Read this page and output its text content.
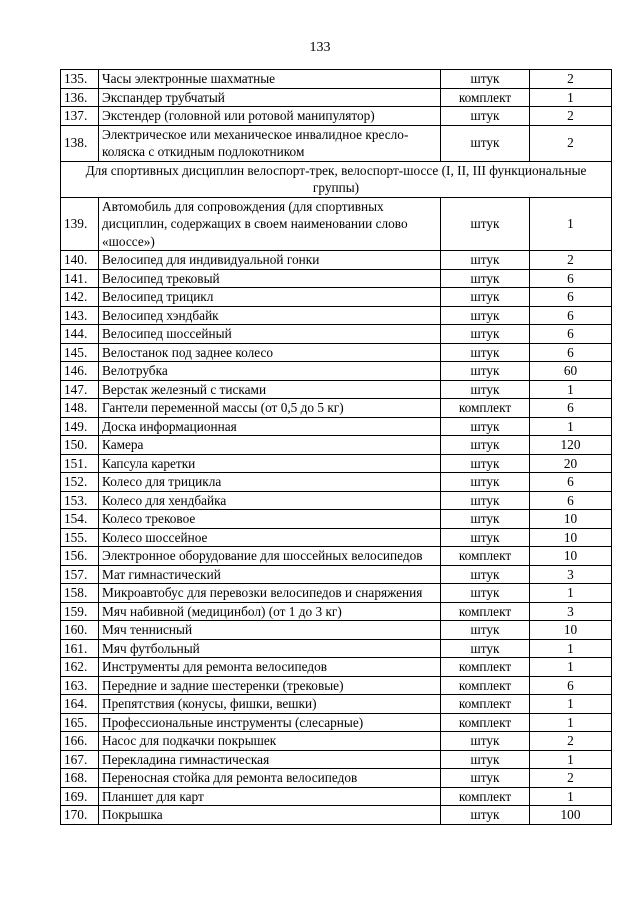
133
135.	Часы электронные шахматные	штук	2
136.	Экспандер трубчатый	комплект	1
137.	Экстендер (головной или ротовой манипулятор)	штук	2
138.	Электрическое или механическое инвалидное кресло-коляска с откидным подлокотником	штук	2
Для спортивных дисциплин велоспорт-трек, велоспорт-шоссе (I, II, III функциональные группы)			
139.	Автомобиль для сопровождения (для спортивных дисциплин, содержащих в своем наименовании слово «шоссе»)	штук	1
140.	Велосипед для индивидуальной гонки	штук	2
141.	Велосипед трековый	штук	6
142.	Велосипед трицикл	штук	6
143.	Велосипед хэндбайк	штук	6
144.	Велосипед шоссейный	штук	6
145.	Велостанок под заднее колесо	штук	6
146.	Велотрубка	штук	60
147.	Верстак железный с тисками	штук	1
148.	Гантели переменной массы (от 0,5 до 5 кг)	комплект	6
149.	Доска информационная	штук	1
150.	Камера	штук	120
151.	Капсула каретки	штук	20
152.	Колесо для трицикла	штук	6
153.	Колесо для хендбайка	штук	6
154.	Колесо трековое	штук	10
155.	Колесо шоссейное	штук	10
156.	Электронное оборудование для шоссейных велосипедов	комплект	10
157.	Мат гимнастический	штук	3
158.	Микроавтобус для перевозки велосипедов и снаряжения	штук	1
159.	Мяч набивной (медицинбол) (от 1 до 3 кг)	комплект	3
160.	Мяч теннисный	штук	10
161.	Мяч футбольный	штук	1
162.	Инструменты для ремонта велосипедов	комплект	1
163.	Передние и задние шестеренки (трековые)	комплект	6
164.	Препятствия (конусы, фишки, вешки)	комплект	1
165.	Профессиональные инструменты (слесарные)	комплект	1
166.	Насос для подкачки покрышек	штук	2
167.	Перекладина гимнастическая	штук	1
168.	Переносная стойка для ремонта велосипедов	штук	2
169.	Планшет для карт	комплект	1
170.	Покрышка	штук	100
